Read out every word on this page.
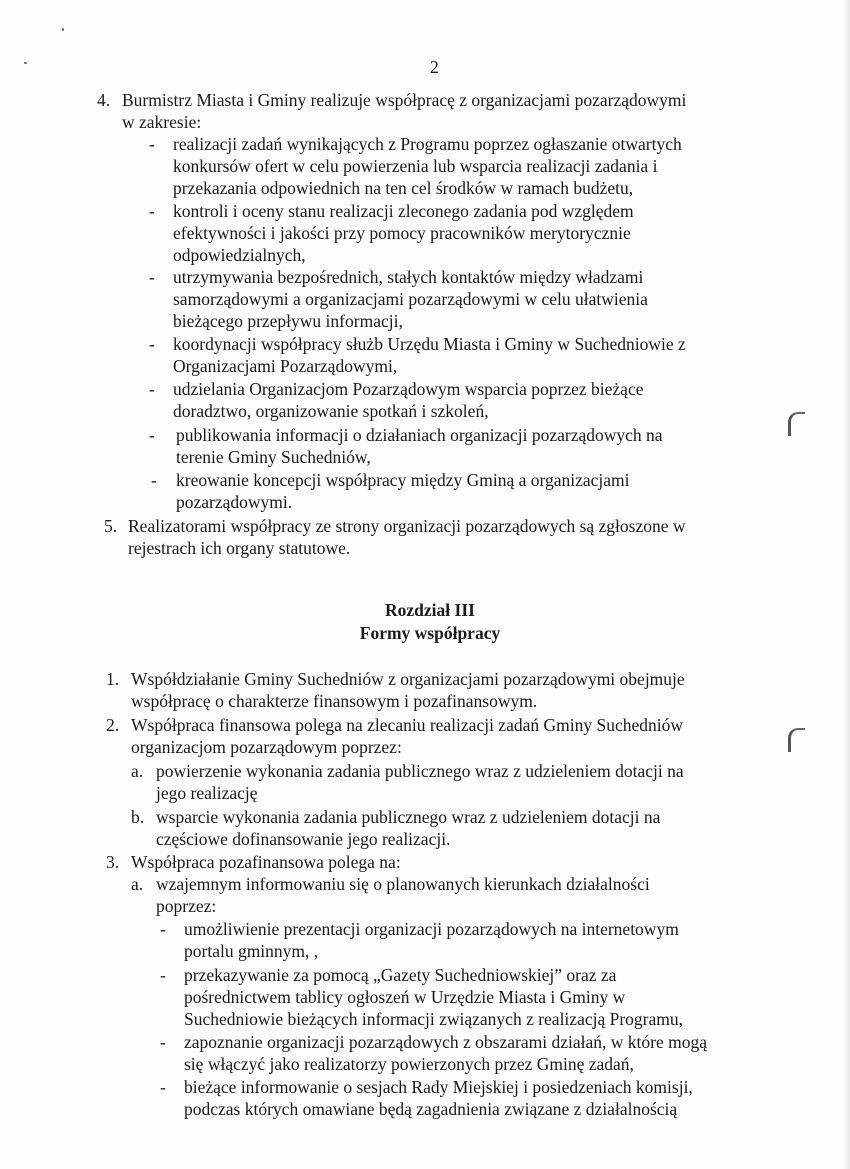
2
4. Burmistrz Miasta i Gminy realizuje współpracę z organizacjami pozarządowymi
w zakresie:
- realizacji zadań wynikających z Programu poprzez ogłaszanie otwartych
konkursów ofert w celu powierzenia lub wsparcia realizacji zadania i
przekazania odpowiednich na ten cel środków w ramach budżetu,
- kontroli i oceny stanu realizacji zleconego zadania pod względem
efektywności i jakości przy pomocy pracowników merytorycznie
odpowiedzialnych,
- utrzymywania bezpośrednich, stałych kontaktów między władzami
samorządowymi a organizacjami pozarządowymi w celu ułatwienia
bieżącego przepływu informacji,
- koordynacji współpracy służb Urzędu Miasta i Gminy w Suchedniowie z
Organizacjami Pozarządowymi,
- udzielania Organizacjom Pozarządowym wsparcia poprzez bieżące
doradztwo, organizowanie spotkań i szkoleń,
- publikowania informacji o działaniach organizacji pozarządowych na
terenie Gminy Suchedniów,
- kreowanie koncepcji współpracy między Gminą a organizacjami
pozarządowymi.
5. Realizatorami współpracy ze strony organizacji pozarządowych są zgłoszone w
rejestrach ich organy statutowe.
Rozdział III
Formy współpracy
1. Współdziałanie Gminy Suchedniów z organizacjami pozarządowymi obejmuje
współpracę o charakterze finansowym i pozafinansowym.
2. Współpraca finansowa polega na zlecaniu realizacji zadań Gminy Suchedniów
organizacjom pozarządowym poprzez:
a. powierzenie wykonania zadania publicznego wraz z udzieleniem dotacji na
jego realizację
b. wsparcie wykonania zadania publicznego wraz z udzieleniem dotacji na
częściowe dofinansowanie jego realizacji.
3. Współpraca pozafinansowa polega na:
a. wzajemnym informowaniu się o planowanych kierunkach działalności
poprzez:
- umożliwienie prezentacji organizacji pozarządowych na internetowym
portalu gminnym, ,
- przekazywanie za pomocą „Gazety Suchedniowskiej” oraz za
pośrednictwem tablicy ogłoszeń w Urzędzie Miasta i Gminy w
Suchedniowie bieżących informacji związanych z realizacją Programu,
- zapoznanie organizacji pozarządowych z obszarami działań, w które mogą
się włączyć jako realizatorzy powierzonych przez Gminę zadań,
- bieżące informowanie o sesjach Rady Miejskiej i posiedzeniach komisji,
podczas których omawiane będą zagadnienia związane z działalnością
